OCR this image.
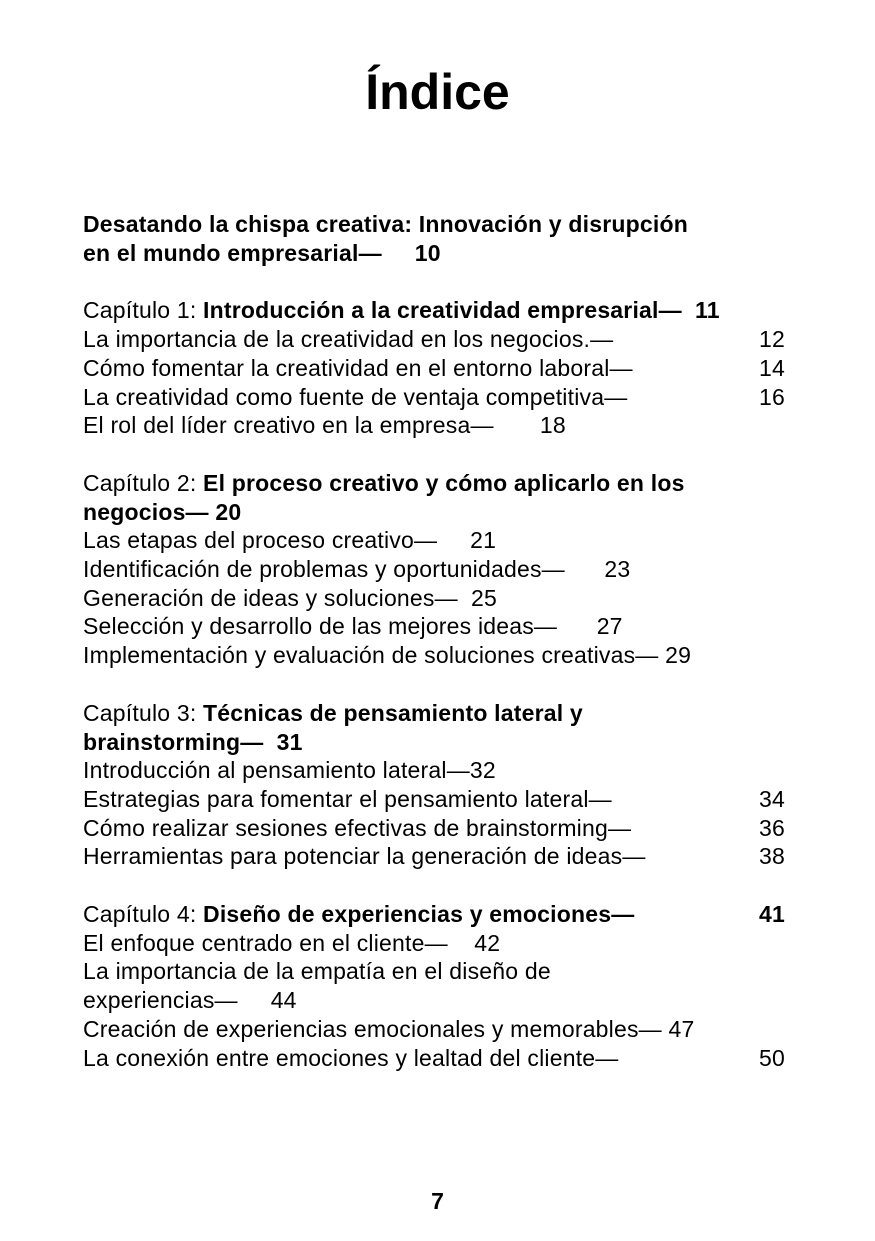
Índice
Desatando la chispa creativa: Innovación y disrupción
en el mundo empresarial— 10
Capítulo 1: Introducción a la creatividad empresarial— 11
La importancia de la creatividad en los negocios.—	12
Cómo fomentar la creatividad en el entorno laboral—	14
La creatividad como fuente de ventaja competitiva—	16
El rol del líder creativo en la empresa— 18
Capítulo 2: El proceso creativo y cómo aplicarlo en los
negocios— 20
Las etapas del proceso creativo— 21
Identificación de problemas y oportunidades— 23
Generación de ideas y soluciones— 25
Selección y desarrollo de las mejores ideas— 27
Implementación y evaluación de soluciones creativas— 29
Capítulo 3: Técnicas de pensamiento lateral y
brainstorming— 31
Introducción al pensamiento lateral—32
Estrategias para fomentar el pensamiento lateral—	34
Cómo realizar sesiones efectivas de brainstorming—	36
Herramientas para potenciar la generación de ideas—	38
Capítulo 4: Diseño de experiencias y emociones—	41
El enfoque centrado en el cliente— 42
La importancia de la empatía en el diseño de
experiencias— 44
Creación de experiencias emocionales y memorables— 47
La conexión entre emociones y lealtad del cliente—	50
7
